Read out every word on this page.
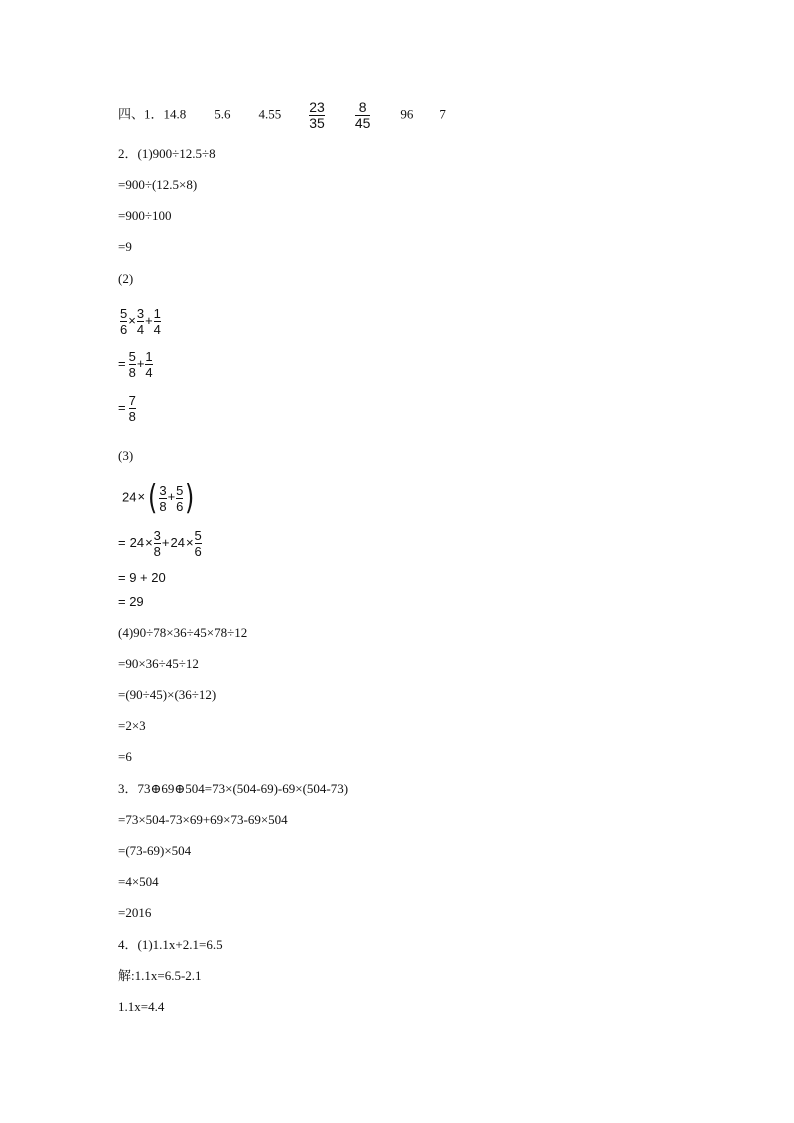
四、1．14.8 5.6 $4.55 \frac{23}{35} \frac{8}{45} 96$ 7
2．(1)900÷12.5÷8
=900÷(12.5×8)
=900÷100
=9
(2)
$\frac{5}{6} \times \frac{3}{4} + \frac{1}{4}$
= $\frac{5}{8} + \frac{1}{4}$
= $\frac{7}{8}$
(3)
$24\times( \frac{3}{8} + \frac{5}{6}$ )
= $24\times \frac{3}{8} +24\times \frac{5}{6}$
= 9 + 20
= 29
(4)90÷78×36÷45×78÷12
=90×36÷45÷12
=(90÷45)×(36÷12)
=2×3
=6
3．73⊕69⊕504=73×(504-69)-69×(504-73)
=73×504-73×69+69×73-69×504
=(73-69)×504
=4×504
=2016
4．(1)1.1x+2.1=6.5
解:1.1x=6.5-2.1
1.1x=4.4
